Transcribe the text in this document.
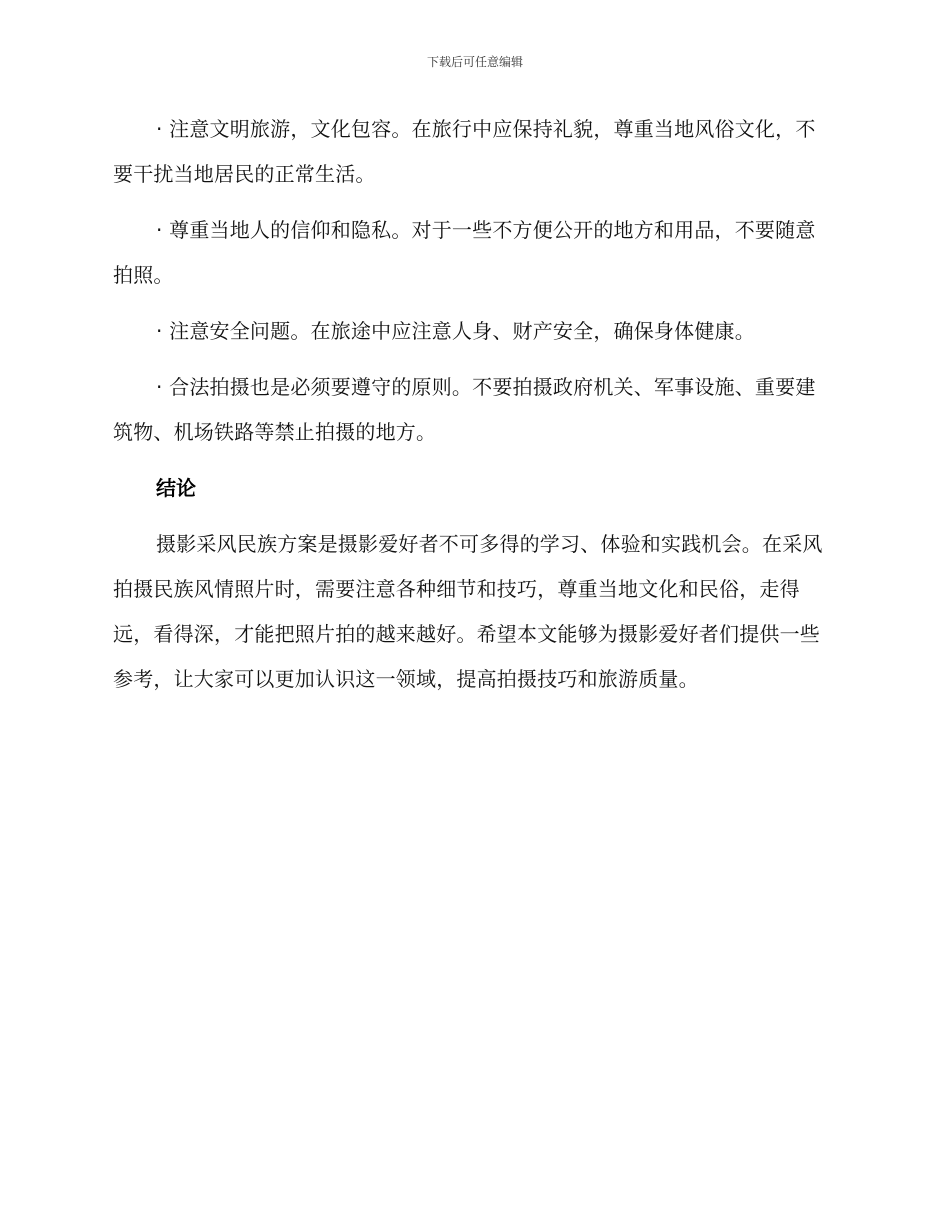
下载后可任意编辑

· 注意文明旅游，文化包容。在旅行中应保持礼貌，尊重当地风俗文化，不要干扰当地居民的正常生活。

· 尊重当地人的信仰和隐私。对于一些不方便公开的地方和用品，不要随意拍照。

· 注意安全问题。在旅途中应注意人身、财产安全，确保身体健康。

· 合法拍摄也是必须要遵守的原则。不要拍摄政府机关、军事设施、重要建筑物、机场铁路等禁止拍摄的地方。

结论

摄影采风民族方案是摄影爱好者不可多得的学习、体验和实践机会。在采风拍摄民族风情照片时，需要注意各种细节和技巧，尊重当地文化和民俗，走得远，看得深，才能把照片拍的越来越好。希望本文能够为摄影爱好者们提供一些参考，让大家可以更加认识这一领域，提高拍摄技巧和旅游质量。
